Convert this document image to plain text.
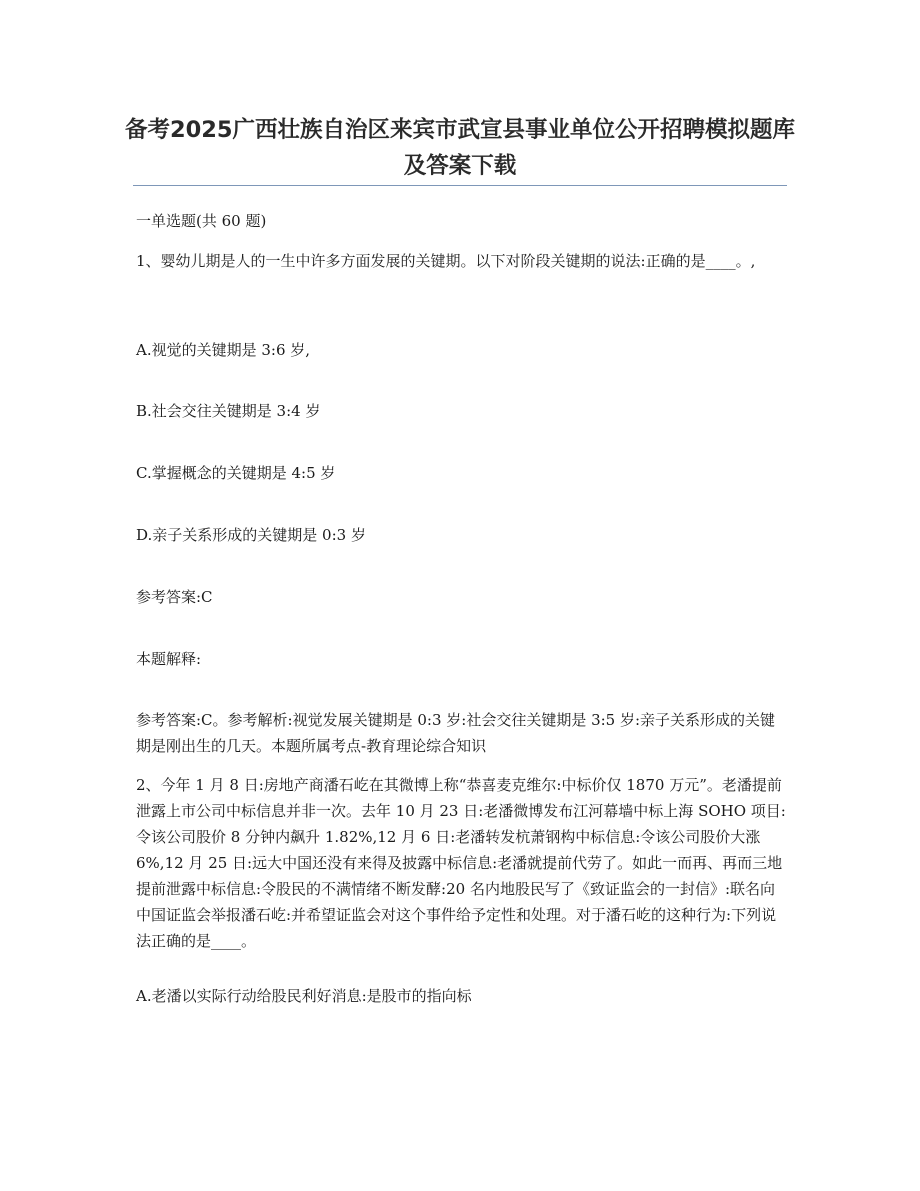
备考2025广西壮族自治区来宾市武宣县事业单位公开招聘模拟题库及答案下载

一单选题(共 60 题)

1、婴幼儿期是人的一生中许多方面发展的关键期。以下对阶段关键期的说法:正确的是____。,

A.视觉的关键期是 3:6 岁,

B.社会交往关键期是 3:4 岁

C.掌握概念的关键期是 4:5 岁

D.亲子关系形成的关键期是 0:3 岁

参考答案:C

本题解释:

参考答案:C。参考解析:视觉发展关键期是 0:3 岁:社会交往关键期是 3:5 岁:亲子关系形成的关键期是刚出生的几天。本题所属考点-教育理论综合知识

2、今年 1 月 8 日:房地产商潘石屹在其微博上称“恭喜麦克维尔:中标价仅 1870 万元”。老潘提前泄露上市公司中标信息并非一次。去年 10 月 23 日:老潘微博发布江河幕墙中标上海 SOHO 项目:令该公司股价 8 分钟内飙升 1.82%,12 月 6 日:老潘转发杭萧钢构中标信息:令该公司股价大涨 6%,12 月 25 日:远大中国还没有来得及披露中标信息:老潘就提前代劳了。如此一而再、再而三地提前泄露中标信息:令股民的不满情绪不断发酵:20 名内地股民写了《致证监会的一封信》:联名向中国证监会举报潘石屹:并希望证监会对这个事件给予定性和处理。对于潘石屹的这种行为:下列说法正确的是____。

A.老潘以实际行动给股民利好消息:是股市的指向标
